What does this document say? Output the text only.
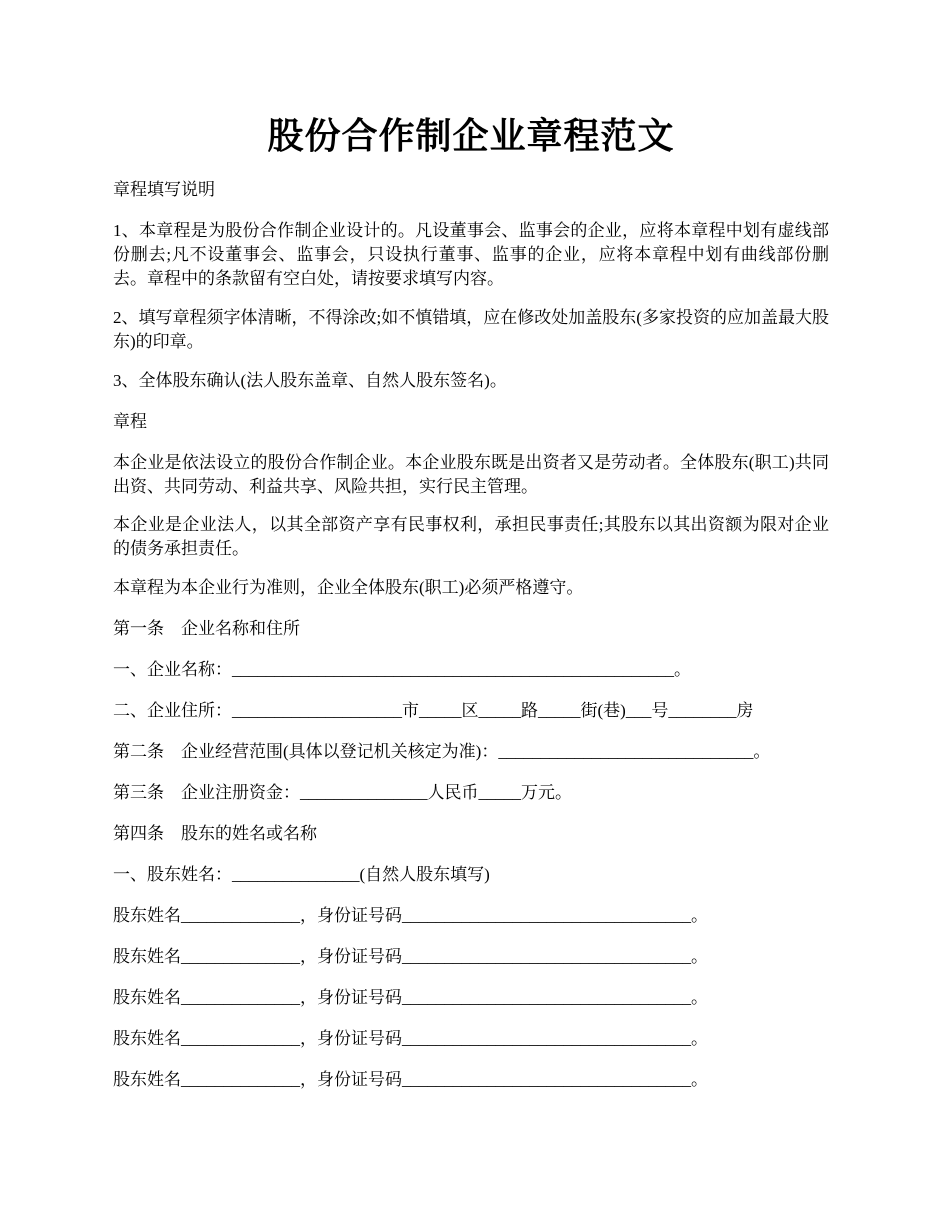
股份合作制企业章程范文

章程填写说明

1、本章程是为股份合作制企业设计的。凡设董事会、监事会的企业，应将本章程中划有虚线部份删去;凡不设董事会、监事会，只设执行董事、监事的企业，应将本章程中划有曲线部份删去。章程中的条款留有空白处，请按要求填写内容。

2、填写章程须字体清晰，不得涂改;如不慎错填，应在修改处加盖股东(多家投资的应加盖最大股东)的印章。

3、全体股东确认(法人股东盖章、自然人股东签名)。

章程

本企业是依法设立的股份合作制企业。本企业股东既是出资者又是劳动者。全体股东(职工)共同出资、共同劳动、利益共享、风险共担，实行民主管理。

本企业是企业法人，以其全部资产享有民事权利，承担民事责任;其股东以其出资额为限对企业的债务承担责任。

本章程为本企业行为准则，企业全体股东(职工)必须严格遵守。

第一条　企业名称和住所

一、企业名称：____________________________________________________。

二、企业住所：____________________市_____区_____路_____街(巷)___号________房

第二条　企业经营范围(具体以登记机关核定为准)：______________________________。

第三条　企业注册资金：_______________人民币_____万元。

第四条　股东的姓名或名称

一、股东姓名：_______________(自然人股东填写)

股东姓名______________，身份证号码__________________________________。

股东姓名______________，身份证号码__________________________________。

股东姓名______________，身份证号码__________________________________。

股东姓名______________，身份证号码__________________________________。

股东姓名______________，身份证号码__________________________________。
